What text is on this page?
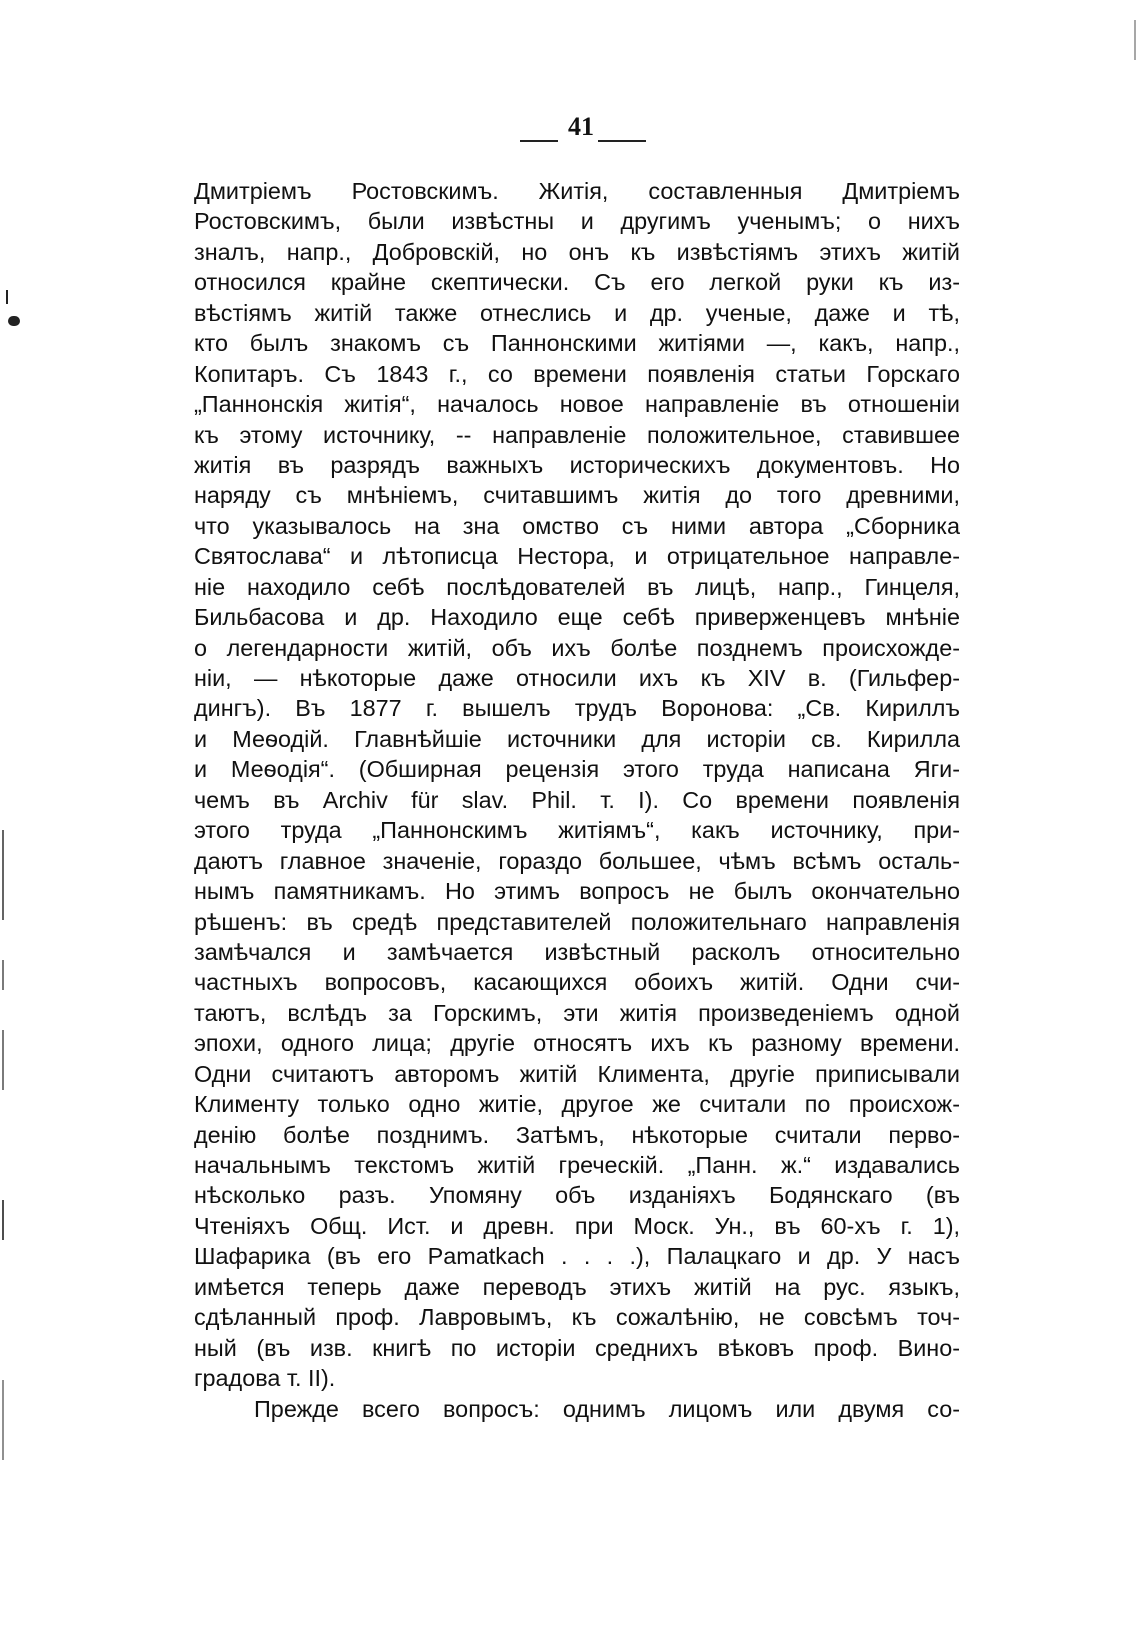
41
Дмитріемъ Ростовскимъ. Житія, составленныя Дмитріемъ
Ростовскимъ, были извѣстны и другимъ ученымъ; о нихъ
зналъ, напр., Добровскій, но онъ къ извѣстіямъ этихъ житій
относился крайне скептически. Съ его легкой руки къ из-
вѣстіямъ житій также отнеслись и др. ученые, даже и тѣ,
кто былъ знакомъ съ Паннонскими житіями —, какъ, напр.,
Копитаръ. Съ 1843 г., со времени появленія статьи Горскаго
„Паннонскія житія“, началось новое направленіе въ отношеніи
къ этому источнику, -- направленіе положительное, ставившее
житія въ разрядъ важныхъ историческихъ документовъ. Но
наряду съ мнѣніемъ, считавшимъ житія до того древними,
что указывалось на зна омство съ ними автора „Сборника
Святослава“ и лѣтописца Нестора, и отрицательное направле-
ніе находило себѣ послѣдователей въ лицѣ, напр., Гинцеля,
Бильбасова и др. Находило еще себѣ приверженцевъ мнѣніе
о легендарности житій, объ ихъ болѣе позднемъ происхожде-
ніи, — нѣкоторые даже относили ихъ къ XIV в. (Гильфер-
дингъ). Въ 1877 г. вышелъ трудъ Воронова: „Св. Кириллъ
и Меѳодій. Главнѣйшіе источники для исторіи св. Кирилла
и Меѳодія“. (Обширная рецензія этого труда написана Яги-
чемъ въ Archiv für slav. Phil. т. I). Со времени появленія
этого труда „Паннонскимъ житіямъ“, какъ источнику, при-
даютъ главное значеніе, гораздо большее, чѣмъ всѣмъ осталь-
нымъ памятникамъ. Но этимъ вопросъ не былъ окончательно
рѣшенъ: въ средѣ представителей положительнаго направленія
замѣчался и замѣчается извѣстный расколъ относительно
частныхъ вопросовъ, касающихся обоихъ житій. Одни счи-
таютъ, вслѣдъ за Горскимъ, эти житія произведеніемъ одной
эпохи, одного лица; другіе относятъ ихъ къ разному времени.
Одни считаютъ авторомъ житій Климента, другіе приписывали
Клименту только одно житіе, другое же считали по происхож-
денію болѣе позднимъ. Затѣмъ, нѣкоторые считали перво-
начальнымъ текстомъ житій греческій. „Панн. ж.“ издавались
нѣсколько разъ. Упомяну объ изданіяхъ Бодянскаго (въ
Чтеніяхъ Общ. Ист. и древн. при Моск. Ун., въ 60-хъ г. 1),
Шафарика (въ его Pamatkach . . . .), Палацкаго и др. У насъ
имѣется теперь даже переводъ этихъ житій на рус. языкъ,
сдѣланный проф. Лавровымъ, къ сожалѣнію, не совсѣмъ точ-
ный (въ изв. книгѣ по исторіи среднихъ вѣковъ проф. Вино-
градова т. II).
Прежде всего вопросъ: однимъ лицомъ или двумя со-
